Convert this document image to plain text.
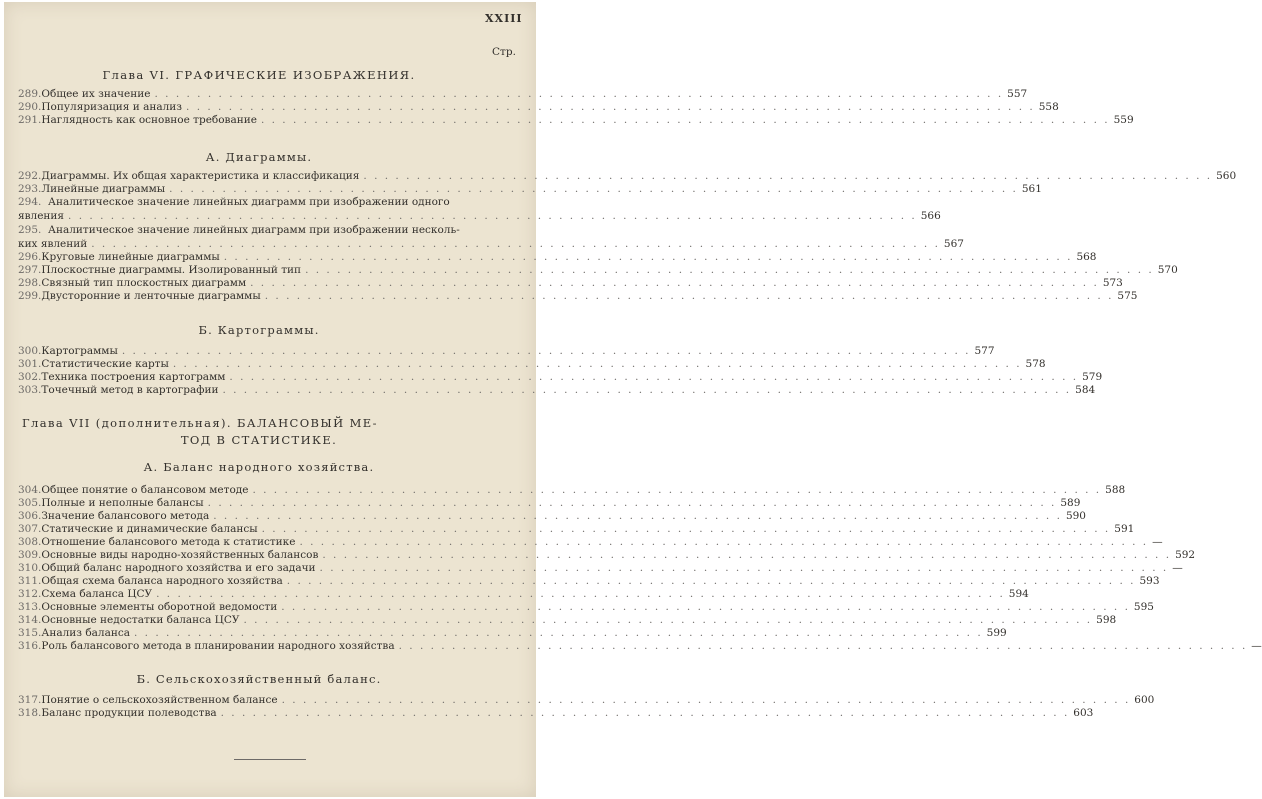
XXIII
Стр.
Глава VI. ГРАФИЧЕСКИЕ ИЗОБРАЖЕНИЯ.
289. Общее их значение . . . . . . . . . . . . . . . . . . . . . . . . . . . . . . . . . . . . . . . . . . . . . . . . . . . . . . . . . . . . . . . . . . . . . . . . . . . . . . . . 557
290. Популяризация и анализ . . . . . . . . . . . . . . . . . . . . . . . . . . . . . . . . . . . . . . . . . . . . . . . . . . . . . . . . . . . . . . . . . . . . . . . . . . . . . . . . 558
291. Наглядность как основное требование . . . . . . . . . . . . . . . . . . . . . . . . . . . . . . . . . . . . . . . . . . . . . . . . . . . . . . . . . . . . . . . . . . . . . . . . . . . . . . . . 559
А. Диаграммы.
292. Диаграммы. Их общая характеристика и классификация . . . . . . . . . . . . . . . . . . . . . . . . . . . . . . . . . . . . . . . . . . . . . . . . . . . . . . . . . . . . . . . . . . . . . . . . . . . . . . . . 560
293. Линейные диаграммы . . . . . . . . . . . . . . . . . . . . . . . . . . . . . . . . . . . . . . . . . . . . . . . . . . . . . . . . . . . . . . . . . . . . . . . . . . . . . . . . 561
294. Аналитическое значение линейных диаграмм при изображении одного
явления . . . . . . . . . . . . . . . . . . . . . . . . . . . . . . . . . . . . . . . . . . . . . . . . . . . . . . . . . . . . . . . . . . . . . . . . . . . . . . . . 566
295. Аналитическое значение линейных диаграмм при изображении несколь-
ких явлений . . . . . . . . . . . . . . . . . . . . . . . . . . . . . . . . . . . . . . . . . . . . . . . . . . . . . . . . . . . . . . . . . . . . . . . . . . . . . . . . 567
296. Круговые линейные диаграммы . . . . . . . . . . . . . . . . . . . . . . . . . . . . . . . . . . . . . . . . . . . . . . . . . . . . . . . . . . . . . . . . . . . . . . . . . . . . . . . . 568
297. Плоскостные диаграммы. Изолированный тип . . . . . . . . . . . . . . . . . . . . . . . . . . . . . . . . . . . . . . . . . . . . . . . . . . . . . . . . . . . . . . . . . . . . . . . . . . . . . . . . 570
298. Связный тип плоскостных диаграмм . . . . . . . . . . . . . . . . . . . . . . . . . . . . . . . . . . . . . . . . . . . . . . . . . . . . . . . . . . . . . . . . . . . . . . . . . . . . . . . . 573
299. Двусторонние и ленточные диаграммы . . . . . . . . . . . . . . . . . . . . . . . . . . . . . . . . . . . . . . . . . . . . . . . . . . . . . . . . . . . . . . . . . . . . . . . . . . . . . . . . 575
Б. Картограммы.
300. Картограммы . . . . . . . . . . . . . . . . . . . . . . . . . . . . . . . . . . . . . . . . . . . . . . . . . . . . . . . . . . . . . . . . . . . . . . . . . . . . . . . . 577
301. Статистические карты . . . . . . . . . . . . . . . . . . . . . . . . . . . . . . . . . . . . . . . . . . . . . . . . . . . . . . . . . . . . . . . . . . . . . . . . . . . . . . . . 578
302. Техника построения картограмм . . . . . . . . . . . . . . . . . . . . . . . . . . . . . . . . . . . . . . . . . . . . . . . . . . . . . . . . . . . . . . . . . . . . . . . . . . . . . . . . 579
303. Точечный метод в картографии . . . . . . . . . . . . . . . . . . . . . . . . . . . . . . . . . . . . . . . . . . . . . . . . . . . . . . . . . . . . . . . . . . . . . . . . . . . . . . . . 584
Глава VII (дополнительная). БАЛАНСОВЫЙ МЕ-
ТОД В СТАТИСТИКЕ.
А. Баланс народного хозяйства.
304. Общее понятие о балансовом методе . . . . . . . . . . . . . . . . . . . . . . . . . . . . . . . . . . . . . . . . . . . . . . . . . . . . . . . . . . . . . . . . . . . . . . . . . . . . . . . . 588
305. Полные и неполные балансы . . . . . . . . . . . . . . . . . . . . . . . . . . . . . . . . . . . . . . . . . . . . . . . . . . . . . . . . . . . . . . . . . . . . . . . . . . . . . . . . 589
306. Значение балансового метода . . . . . . . . . . . . . . . . . . . . . . . . . . . . . . . . . . . . . . . . . . . . . . . . . . . . . . . . . . . . . . . . . . . . . . . . . . . . . . . . 590
307. Статические и динамические балансы . . . . . . . . . . . . . . . . . . . . . . . . . . . . . . . . . . . . . . . . . . . . . . . . . . . . . . . . . . . . . . . . . . . . . . . . . . . . . . . . 591
308. Отношение балансового метода к статистике . . . . . . . . . . . . . . . . . . . . . . . . . . . . . . . . . . . . . . . . . . . . . . . . . . . . . . . . . . . . . . . . . . . . . . . . . . . . . . . . —
309. Основные виды народно-хозяйственных балансов . . . . . . . . . . . . . . . . . . . . . . . . . . . . . . . . . . . . . . . . . . . . . . . . . . . . . . . . . . . . . . . . . . . . . . . . . . . . . . . . 592
310. Общий баланс народного хозяйства и его задачи . . . . . . . . . . . . . . . . . . . . . . . . . . . . . . . . . . . . . . . . . . . . . . . . . . . . . . . . . . . . . . . . . . . . . . . . . . . . . . . . —
311. Общая схема баланса народного хозяйства . . . . . . . . . . . . . . . . . . . . . . . . . . . . . . . . . . . . . . . . . . . . . . . . . . . . . . . . . . . . . . . . . . . . . . . . . . . . . . . . 593
312. Схема баланса ЦСУ . . . . . . . . . . . . . . . . . . . . . . . . . . . . . . . . . . . . . . . . . . . . . . . . . . . . . . . . . . . . . . . . . . . . . . . . . . . . . . . . 594
313. Основные элементы оборотной ведомости . . . . . . . . . . . . . . . . . . . . . . . . . . . . . . . . . . . . . . . . . . . . . . . . . . . . . . . . . . . . . . . . . . . . . . . . . . . . . . . . 595
314. Основные недостатки баланса ЦСУ . . . . . . . . . . . . . . . . . . . . . . . . . . . . . . . . . . . . . . . . . . . . . . . . . . . . . . . . . . . . . . . . . . . . . . . . . . . . . . . . 598
315. Анализ баланса . . . . . . . . . . . . . . . . . . . . . . . . . . . . . . . . . . . . . . . . . . . . . . . . . . . . . . . . . . . . . . . . . . . . . . . . . . . . . . . . 599
316. Роль балансового метода в планировании народного хозяйства . . . . . . . . . . . . . . . . . . . . . . . . . . . . . . . . . . . . . . . . . . . . . . . . . . . . . . . . . . . . . . . . . . . . . . . . . . . . . . . . —
Б. Сельскохозяйственный баланс.
317. Понятие о сельскохозяйственном балансе . . . . . . . . . . . . . . . . . . . . . . . . . . . . . . . . . . . . . . . . . . . . . . . . . . . . . . . . . . . . . . . . . . . . . . . . . . . . . . . . 600
318. Баланс продукции полеводства . . . . . . . . . . . . . . . . . . . . . . . . . . . . . . . . . . . . . . . . . . . . . . . . . . . . . . . . . . . . . . . . . . . . . . . . . . . . . . . . 603
